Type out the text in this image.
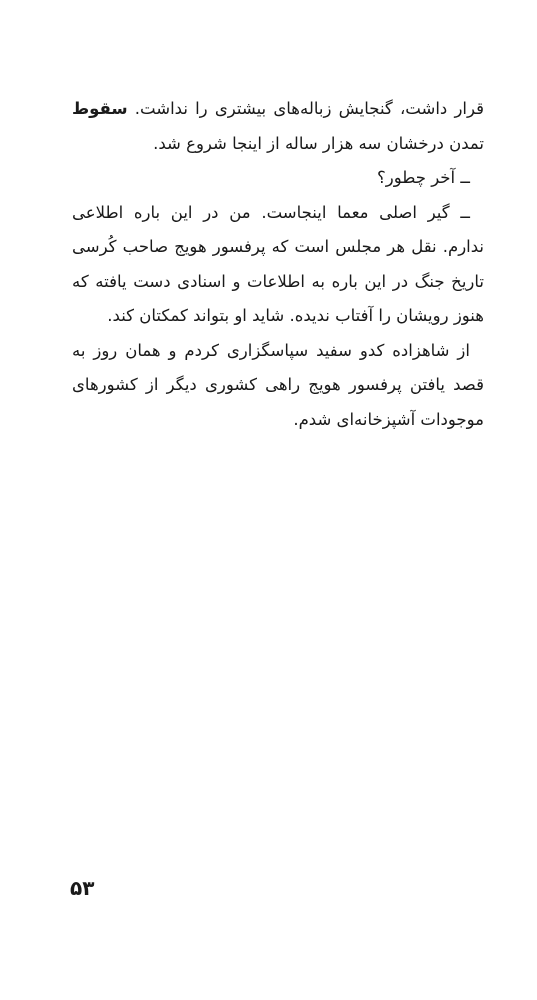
قرار داشت، گنجایش زباله‌های بیشتری را نداشت. سقوط
تمدن درخشان سه هزار ساله از اینجا شروع شد.
ــ آخر چطور؟
ــ گیر اصلی معما اینجاست. من در این باره اطلاعی
ندارم. نقل هر مجلس است که پرفسور هویج صاحب کُرسی
تاریخ جنگ در این باره به اطلاعات و اسنادی دست یافته که
هنوز رویشان را آفتاب ندیده. شاید او بتواند کمکتان کند.
از شاهزاده کدو سفید سپاسگزاری کردم و همان روز به
قصد یافتن پرفسور هویج راهی کشوری دیگر از کشورهای
موجودات آشپزخانه‌ای شدم.
۵۳
